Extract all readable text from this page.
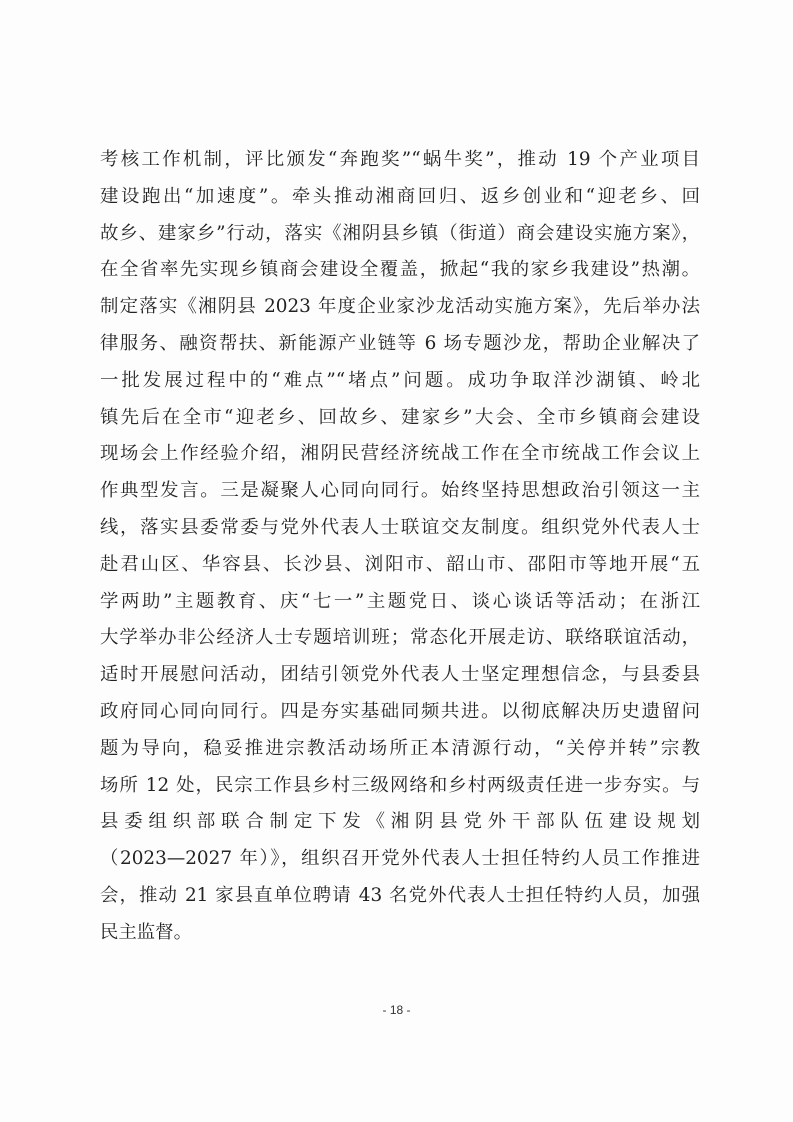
考核工作机制，评比颁发“奔跑奖”“蜗牛奖”，推动 19 个产业项目
建设跑出“加速度”。牵头推动湘商回归、返乡创业和“迎老乡、回
故乡、建家乡”行动，落实《湘阴县乡镇（街道）商会建设实施方案》，
在全省率先实现乡镇商会建设全覆盖，掀起“我的家乡我建设”热潮。
制定落实《湘阴县 2023 年度企业家沙龙活动实施方案》，先后举办法
律服务、融资帮扶、新能源产业链等 6 场专题沙龙，帮助企业解决了
一批发展过程中的“难点”“堵点”问题。成功争取洋沙湖镇、岭北
镇先后在全市“迎老乡、回故乡、建家乡”大会、全市乡镇商会建设
现场会上作经验介绍，湘阴民营经济统战工作在全市统战工作会议上
作典型发言。三是凝聚人心同向同行。始终坚持思想政治引领这一主
线，落实县委常委与党外代表人士联谊交友制度。组织党外代表人士
赴君山区、华容县、长沙县、浏阳市、韶山市、邵阳市等地开展“五
学两助”主题教育、庆“七一”主题党日、谈心谈话等活动；在浙江
大学举办非公经济人士专题培训班；常态化开展走访、联络联谊活动，
适时开展慰问活动，团结引领党外代表人士坚定理想信念，与县委县
政府同心同向同行。四是夯实基础同频共进。以彻底解决历史遗留问
题为导向，稳妥推进宗教活动场所正本清源行动，“关停并转”宗教
场所 12 处，民宗工作县乡村三级网络和乡村两级责任进一步夯实。与
县委组织部联合制定下发《湘阴县党外干部队伍建设规划
（2023—2027 年）》，组织召开党外代表人士担任特约人员工作推进
会，推动 21 家县直单位聘请 43 名党外代表人士担任特约人员，加强
民主监督。
- 18 -
